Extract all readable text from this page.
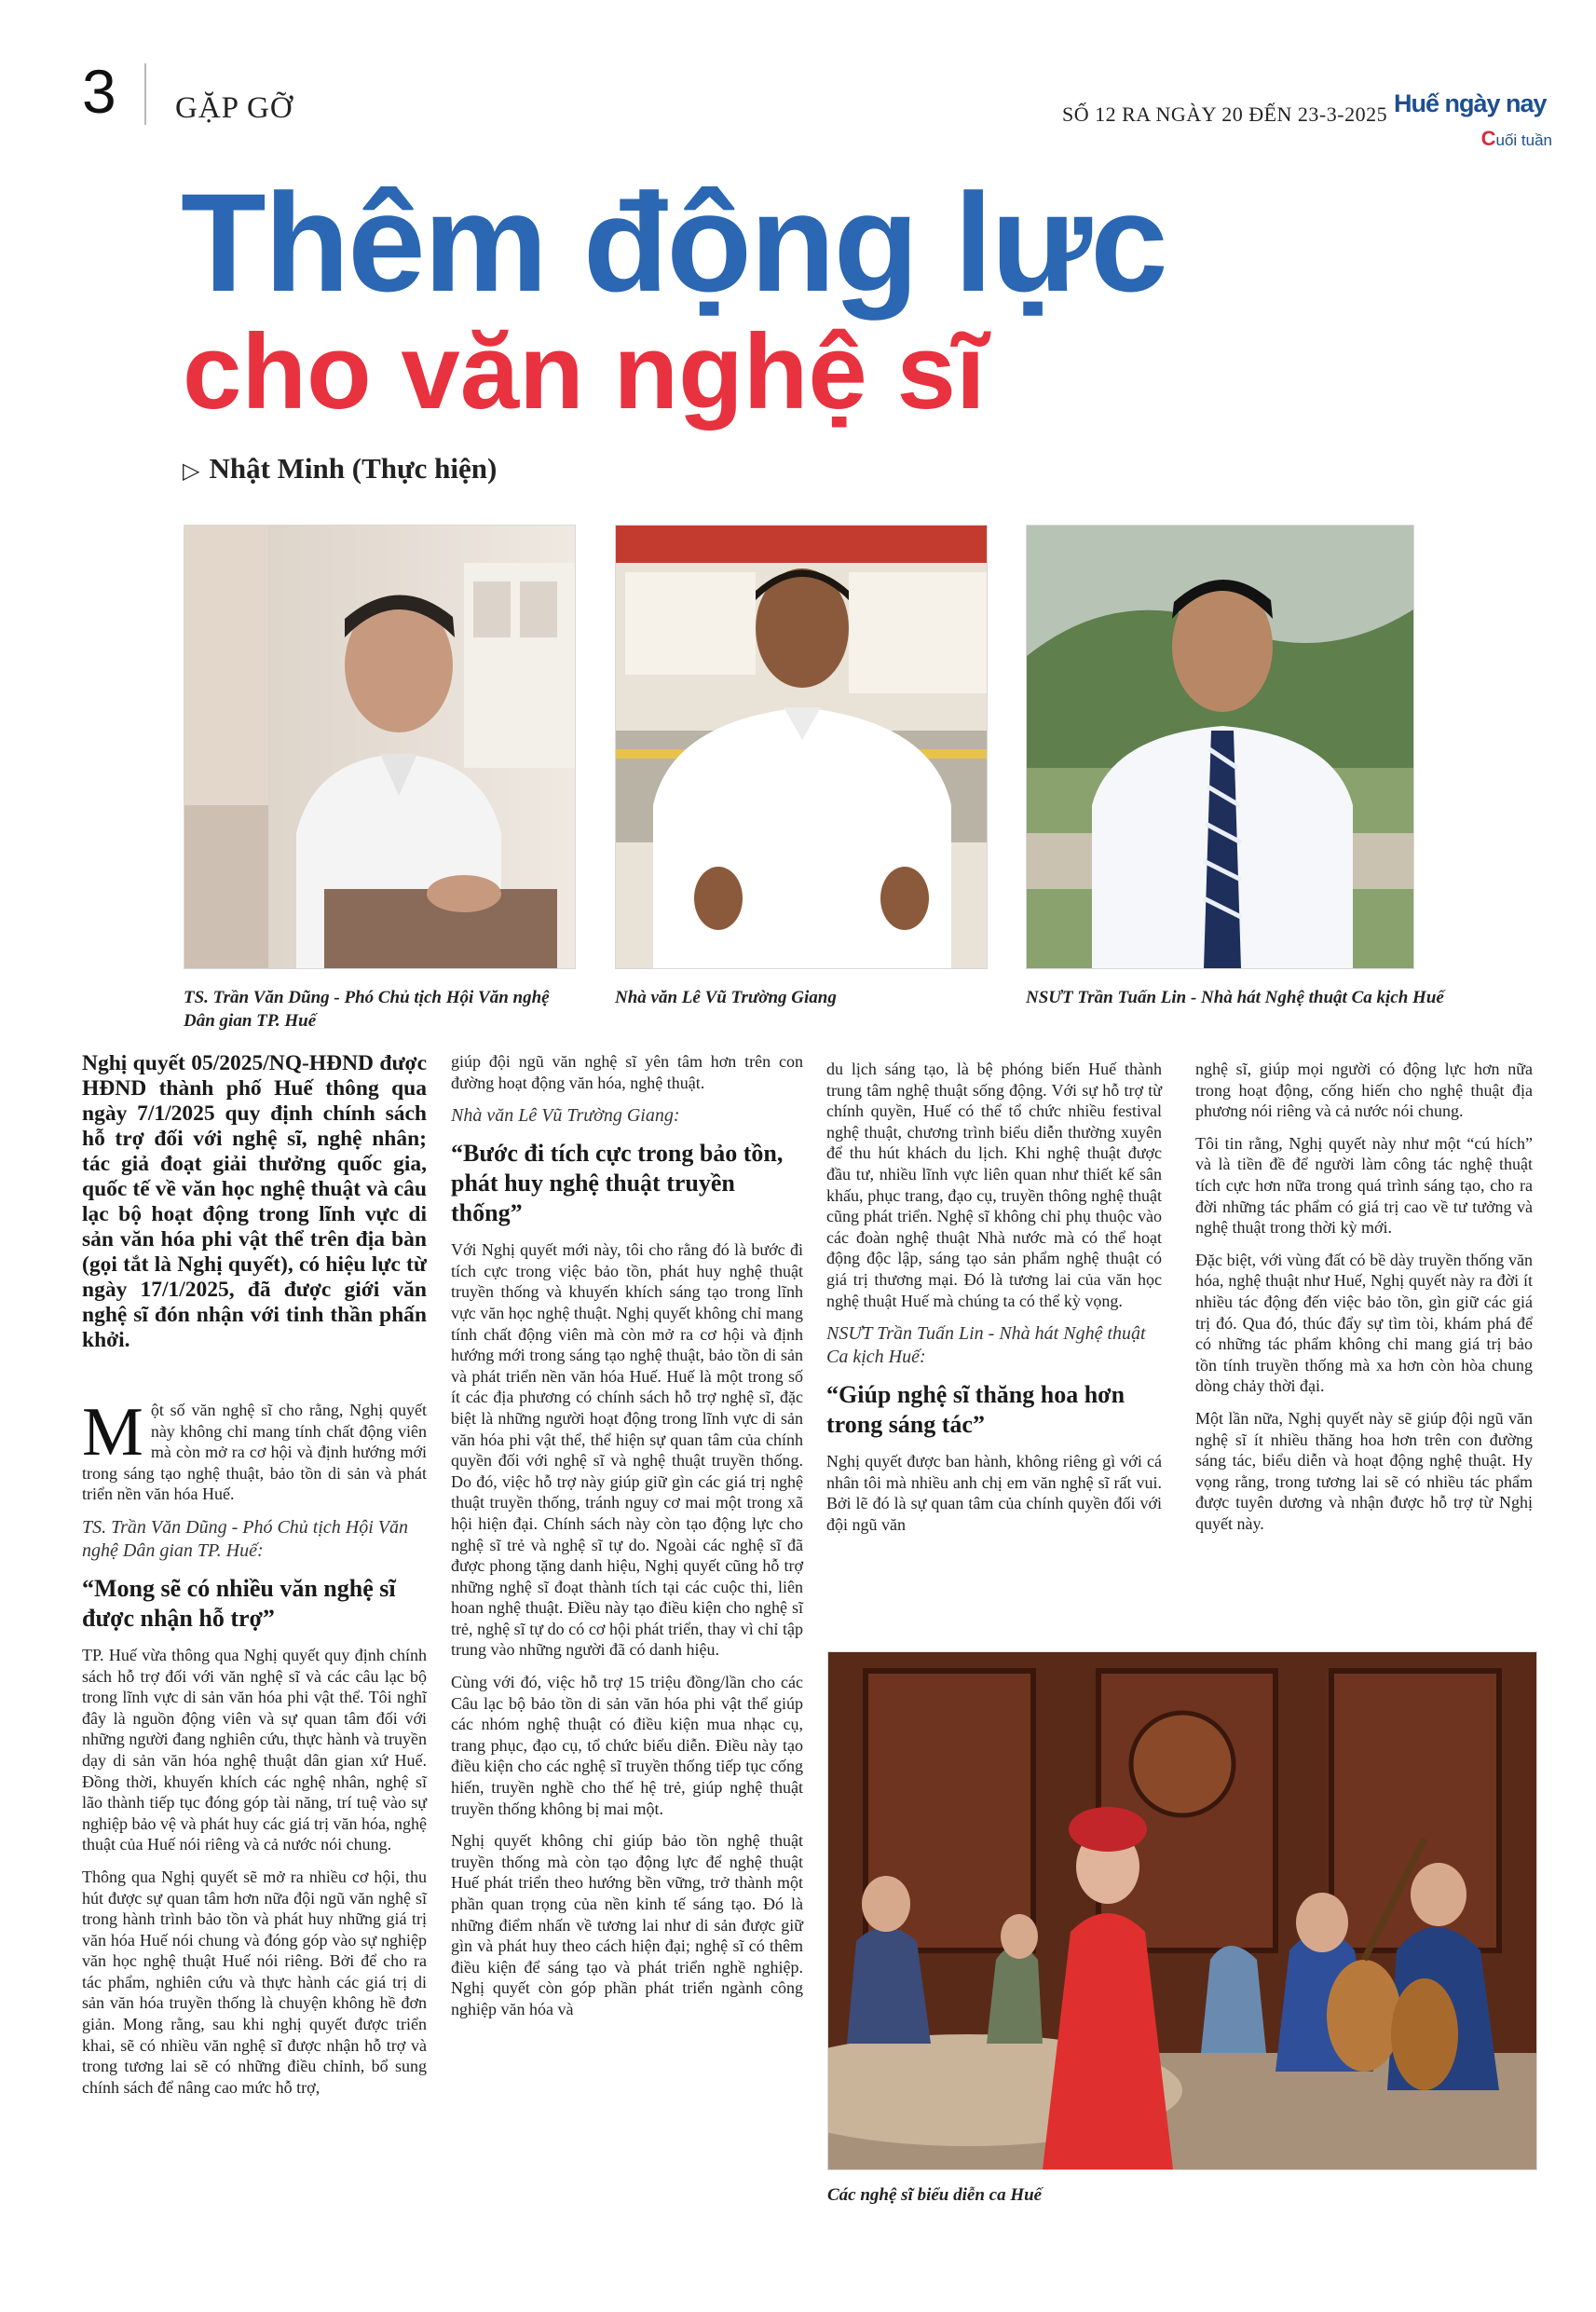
3 GẶP GỠ	SỐ 12 RA NGÀY 20 ĐẾN 23-3-2025 Huế ngày nay
Cuối tuần
Thêm động lực
cho văn nghệ sĩ
▷ Nhật Minh (Thực hiện)
TS. Trần Văn Dũng - Phó Chủ tịch Hội Văn nghệ Dân gian TP. Huế
Nhà văn Lê Vũ Trường Giang	NSƯT Trần Tuấn Lin - Nhà hát Nghệ thuật Ca kịch Huế
Các nghệ sĩ biểu diễn ca Huế

Nghị quyết 05/2025/NQ-HĐND được HĐND thành phố Huế thông qua ngày 7/1/2025 quy định chính sách hỗ trợ đối với nghệ sĩ, nghệ nhân; tác giả đoạt giải thưởng quốc gia, quốc tế về văn học nghệ thuật và câu lạc bộ hoạt động trong lĩnh vực di sản văn hóa phi vật thể trên địa bàn (gọi tắt là Nghị quyết), có hiệu lực từ ngày 17/1/2025, đã được giới văn nghệ sĩ đón nhận với tinh thần phấn khởi.

Một số văn nghệ sĩ cho rằng, Nghị quyết này không chỉ mang tính chất động viên mà còn mở ra cơ hội và định hướng mới trong sáng tạo nghệ thuật, bảo tồn di sản và phát triển nền văn hóa Huế.

TS. Trần Văn Dũng - Phó Chủ tịch Hội Văn nghệ Dân gian TP. Huế:

“Mong sẽ có nhiều văn nghệ sĩ được nhận hỗ trợ”

TP. Huế vừa thông qua Nghị quyết quy định chính sách hỗ trợ đối với văn nghệ sĩ và các câu lạc bộ trong lĩnh vực di sản văn hóa phi vật thể. Tôi nghĩ đây là nguồn động viên và sự quan tâm đối với những người đang nghiên cứu, thực hành và truyền dạy di sản văn hóa nghệ thuật dân gian xứ Huế. Đồng thời, khuyến khích các nghệ nhân, nghệ sĩ lão thành tiếp tục đóng góp tài năng, trí tuệ vào sự nghiệp bảo vệ và phát huy các giá trị văn hóa, nghệ thuật của Huế nói riêng và cả nước nói chung.

Thông qua Nghị quyết sẽ mở ra nhiều cơ hội, thu hút được sự quan tâm hơn nữa đội ngũ văn nghệ sĩ trong hành trình bảo tồn và phát huy những giá trị văn hóa Huế nói chung và đóng góp vào sự nghiệp văn học nghệ thuật Huế nói riêng. Bởi để cho ra tác phẩm, nghiên cứu và thực hành các giá trị di sản văn hóa truyền thống là chuyện không hề đơn giản. Mong rằng, sau khi nghị quyết được triển khai, sẽ có nhiều văn nghệ sĩ được nhận hỗ trợ và trong tương lai sẽ có những điều chỉnh, bổ sung chính sách để nâng cao mức hỗ trợ,

giúp đội ngũ văn nghệ sĩ yên tâm hơn trên con đường hoạt động văn hóa, nghệ thuật.

Nhà văn Lê Vũ Trường Giang:

“Bước đi tích cực trong bảo tồn, phát huy nghệ thuật truyền thống”

Với Nghị quyết mới này, tôi cho rằng đó là bước đi tích cực trong việc bảo tồn, phát huy nghệ thuật truyền thống và khuyến khích sáng tạo trong lĩnh vực văn học nghệ thuật. Nghị quyết không chỉ mang tính chất động viên mà còn mở ra cơ hội và định hướng mới trong sáng tạo nghệ thuật, bảo tồn di sản và phát triển nền văn hóa Huế. Huế là một trong số ít các địa phương có chính sách hỗ trợ nghệ sĩ, đặc biệt là những người hoạt động trong lĩnh vực di sản văn hóa phi vật thể, thể hiện sự quan tâm của chính quyền đối với nghệ sĩ và nghệ thuật truyền thống. Do đó, việc hỗ trợ này giúp giữ gìn các giá trị nghệ thuật truyền thống, tránh nguy cơ mai một trong xã hội hiện đại. Chính sách này còn tạo động lực cho nghệ sĩ trẻ và nghệ sĩ tự do. Ngoài các nghệ sĩ đã được phong tặng danh hiệu, Nghị quyết cũng hỗ trợ những nghệ sĩ đoạt thành tích tại các cuộc thi, liên hoan nghệ thuật. Điều này tạo điều kiện cho nghệ sĩ trẻ, nghệ sĩ tự do có cơ hội phát triển, thay vì chỉ tập trung vào những người đã có danh hiệu.

Cùng với đó, việc hỗ trợ 15 triệu đồng/lần cho các Câu lạc bộ bảo tồn di sản văn hóa phi vật thể giúp các nhóm nghệ thuật có điều kiện mua nhạc cụ, trang phục, đạo cụ, tổ chức biểu diễn. Điều này tạo điều kiện cho các nghệ sĩ truyền thống tiếp tục cống hiến, truyền nghề cho thế hệ trẻ, giúp nghệ thuật truyền thống không bị mai một.

Nghị quyết không chỉ giúp bảo tồn nghệ thuật truyền thống mà còn tạo động lực để nghệ thuật Huế phát triển theo hướng bền vững, trở thành một phần quan trọng của nền kinh tế sáng tạo. Đó là những điểm nhấn về tương lai như di sản được giữ gìn và phát huy theo cách hiện đại; nghệ sĩ có thêm điều kiện để sáng tạo và phát triển nghề nghiệp. Nghị quyết còn góp phần phát triển ngành công nghiệp văn hóa và

du lịch sáng tạo, là bệ phóng biến Huế thành trung tâm nghệ thuật sống động. Với sự hỗ trợ từ chính quyền, Huế có thể tổ chức nhiều festival nghệ thuật, chương trình biểu diễn thường xuyên để thu hút khách du lịch. Khi nghệ thuật được đầu tư, nhiều lĩnh vực liên quan như thiết kế sân khấu, phục trang, đạo cụ, truyền thông nghệ thuật cũng phát triển. Nghệ sĩ không chỉ phụ thuộc vào các đoàn nghệ thuật Nhà nước mà có thể hoạt động độc lập, sáng tạo sản phẩm nghệ thuật có giá trị thương mại. Đó là tương lai của văn học nghệ thuật Huế mà chúng ta có thể kỳ vọng.

NSƯT Trần Tuấn Lin - Nhà hát Nghệ thuật Ca kịch Huế:

“Giúp nghệ sĩ thăng hoa hơn trong sáng tác”

Nghị quyết được ban hành, không riêng gì với cá nhân tôi mà nhiều anh chị em văn nghệ sĩ rất vui. Bởi lẽ đó là sự quan tâm của chính quyền đối với đội ngũ văn

nghệ sĩ, giúp mọi người có động lực hơn nữa trong hoạt động, cống hiến cho nghệ thuật địa phương nói riêng và cả nước nói chung.

Tôi tin rằng, Nghị quyết này như một “cú hích” và là tiền đề để người làm công tác nghệ thuật tích cực hơn nữa trong quá trình sáng tạo, cho ra đời những tác phẩm có giá trị cao về tư tưởng và nghệ thuật trong thời kỳ mới.

Đặc biệt, với vùng đất có bề dày truyền thống văn hóa, nghệ thuật như Huế, Nghị quyết này ra đời ít nhiều tác động đến việc bảo tồn, gìn giữ các giá trị đó. Qua đó, thúc đẩy sự tìm tòi, khám phá để có những tác phẩm không chỉ mang giá trị bảo tồn tính truyền thống mà xa hơn còn hòa chung dòng chảy thời đại.

Một lần nữa, Nghị quyết này sẽ giúp đội ngũ văn nghệ sĩ ít nhiều thăng hoa hơn trên con đường sáng tác, biểu diễn và hoạt động nghệ thuật. Hy vọng rằng, trong tương lai sẽ có nhiều tác phẩm được tuyên dương và nhận được hỗ trợ từ Nghị quyết này.
